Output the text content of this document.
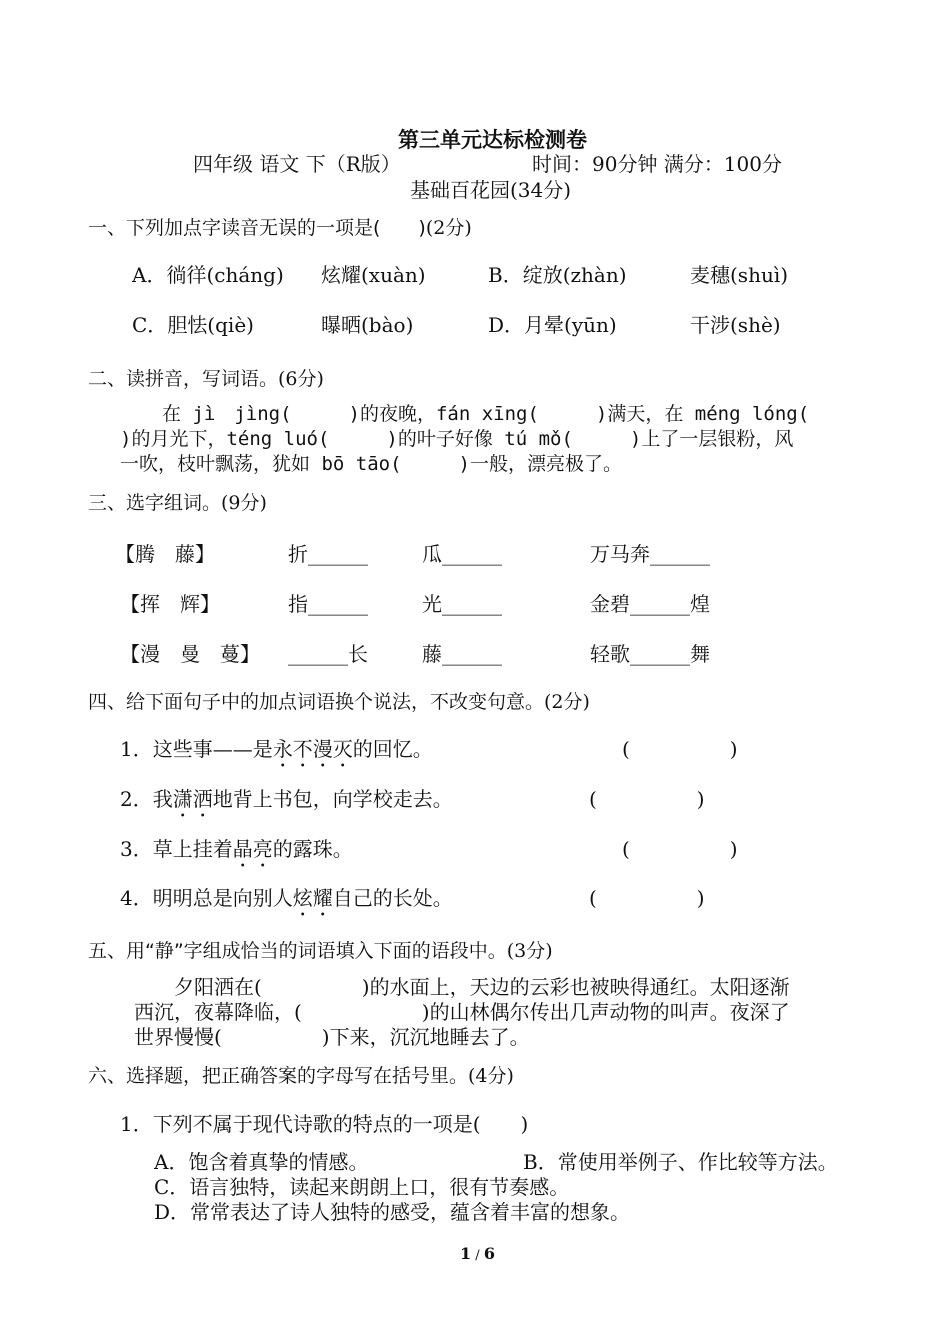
第三单元达标检测卷
四年级 语文 下（R版）	时间：90分钟 满分：100分
基础百花园(34分)
一、下列加点字读音无误的一项是(　　)(2分)
A．徜徉(cháng) 炫耀(xuàn)	B．绽放(zhàn)	麦穗(shuì)
C．胆怯(qiè)	曝晒(bào)	D．月晕(yūn)	干涉(shè)
二、读拼音，写词语。(6分)
　　在 jì　jìng(　　　)的夜晚，fán xīng(　　　)满天，在 méng lóng(
)的月光下，téng luó(　　　)的叶子好像 tú mǒ(　　　)上了一层银粉，风
一吹，枝叶飘荡，犹如 bō tāo(　　　)一般，漂亮极了。
三、选字组词。(9分)
【腾　藤】	折______	瓜______	万马奔______
【挥　辉】	指______	光______	金碧______煌
【漫　曼　蔓】 ______长	藤______	轻歌______舞
四、给下面句子中的加点词语换个说法，不改变句意。(2分)
1．这些事——是永不漫灭的回忆。	(　　　　　)
2．我潇洒地背上书包，向学校走去。	(　　　　　)
3．草上挂着晶亮的露珠。	(　　　　　)
4．明明总是向别人炫耀自己的长处。	(　　　　　)
五、用“静”字组成恰当的词语填入下面的语段中。(3分)
　　夕阳洒在(　　　　　)的水面上，天边的云彩也被映得通红。太阳逐渐
西沉，夜幕降临，(　　　　　　)的山林偶尔传出几声动物的叫声。夜深了
世界慢慢(　　　　　)下来，沉沉地睡去了。
六、选择题，把正确答案的字母写在括号里。(4分)
1．下列不属于现代诗歌的特点的一项是(　　)
A．饱含着真挚的情感。	B．常使用举例子、作比较等方法。
C．语言独特，读起来朗朗上口，很有节奏感。
D．常常表达了诗人独特的感受，蕴含着丰富的想象。
1 / 6
